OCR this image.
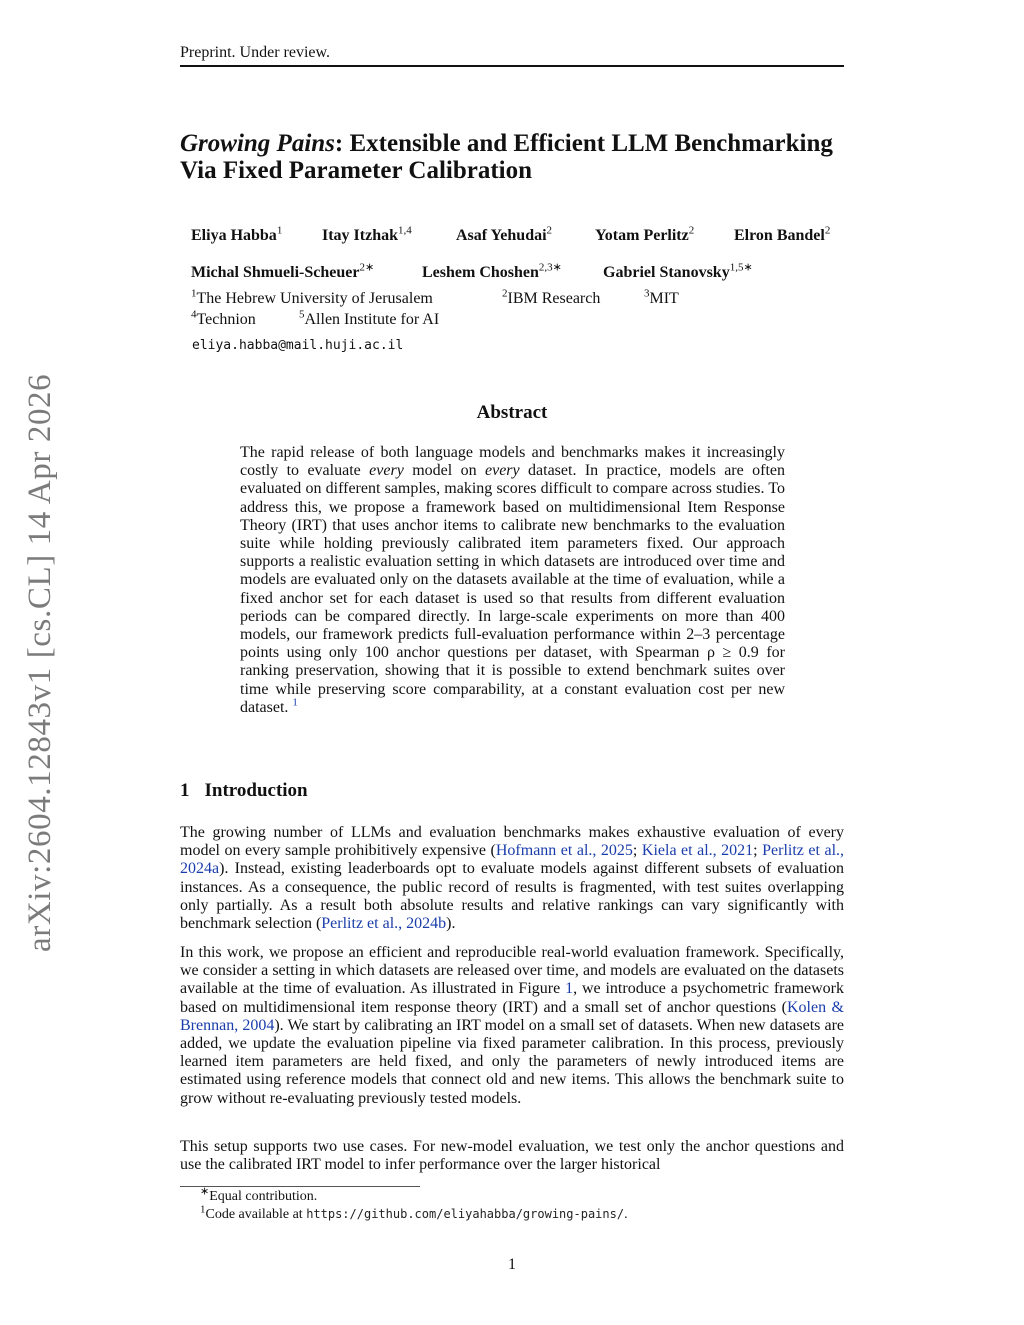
arXiv:2604.12843v1 [cs.CL] 14 Apr 2026
Preprint. Under review.
Growing Pains: Extensible and Efficient LLM Benchmarking
Via Fixed Parameter Calibration
Eliya Habba$^1$ Itay Itzhak$^{1,4}$	Asaf Yehudai$^2$	Yotam Perlitz$^2$ Elron Bandel$^2$
Michal Shmueli-Scheuer$^{2∗}$	Leshem Choshen$^{2,3∗}$	Gabriel Stanovsky$^{1,5∗}$
$^1$The Hebrew University of Jerusalem	$^2$IBM Research	$^3$MIT
$^4$Technion	$^5$Allen Institute for AI
eliya.habba@mail.huji.ac.il
Abstract
The rapid release of both language models and benchmarks makes it increasingly costly to evaluate every model on every dataset. In practice, models are often evaluated on different samples, making scores difficult to compare across studies. To address this, we propose a framework based on multidimensional Item Response Theory (IRT) that uses anchor items to calibrate new benchmarks to the evaluation suite while holding previously calibrated item parameters fixed. Our approach supports a realistic evaluation setting in which datasets are introduced over time and models are evaluated only on the datasets available at the time of evaluation, while a fixed anchor set for each dataset is used so that results from different evaluation periods can be compared directly. In large-scale experiments on more than 400 models, our framework predicts full-evaluation performance within 2–3 percentage points using only 100 anchor questions per dataset, with Spearman ρ ≥ 0.9 for ranking preservation, showing that it is possible to extend benchmark suites over time while preserving score comparability, at a constant evaluation cost per new dataset. $^1$
1 Introduction
The growing number of LLMs and evaluation benchmarks makes exhaustive evaluation of every model on every sample prohibitively expensive (Hofmann et al., 2025; Kiela et al., 2021; Perlitz et al., 2024a). Instead, existing leaderboards opt to evaluate models against different subsets of evaluation instances. As a consequence, the public record of results is fragmented, with test suites overlapping only partially. As a result both absolute results and relative rankings can vary significantly with benchmark selection (Perlitz et al., 2024b).
In this work, we propose an efficient and reproducible real-world evaluation framework. Specifically, we consider a setting in which datasets are released over time, and models are evaluated on the datasets available at the time of evaluation. As illustrated in Figure 1, we introduce a psychometric framework based on multidimensional item response theory (IRT) and a small set of anchor questions (Kolen & Brennan, 2004). We start by calibrating an IRT model on a small set of datasets. When new datasets are added, we update the evaluation pipeline via fixed parameter calibration. In this process, previously learned item parameters are held fixed, and only the parameters of newly introduced items are estimated using reference models that connect old and new items. This allows the benchmark suite to grow without re-evaluating previously tested models.
This setup supports two use cases. For new-model evaluation, we test only the anchor questions and use the calibrated IRT model to infer performance over the larger historical
∗Equal contribution.
$^1$Code available at https://github.com/eliyahabba/growing-pains/.
1
